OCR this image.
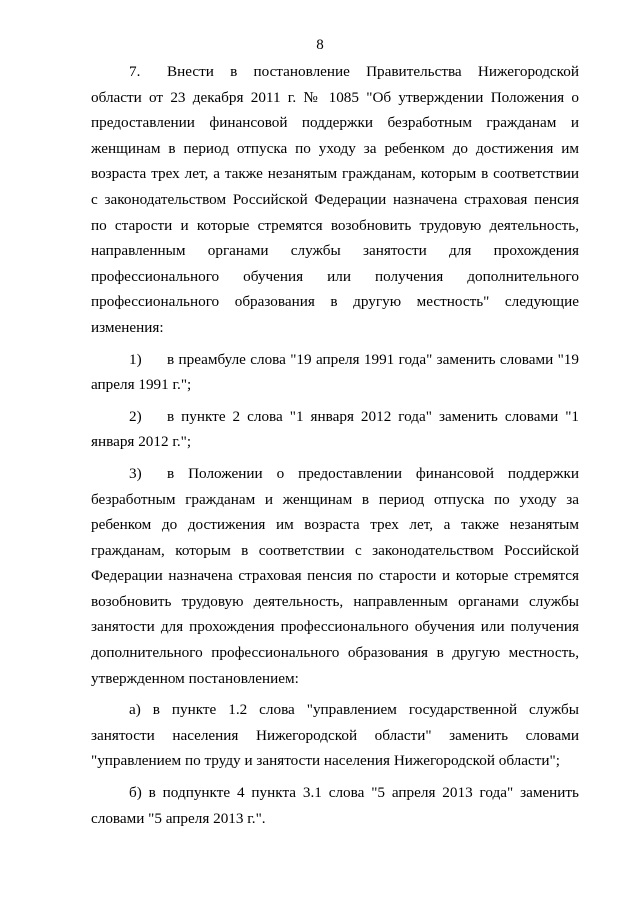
8

7. Внести в постановление Правительства Нижегородской области от 23 декабря 2011 г. № 1085 "Об утверждении Положения о предоставлении финансовой поддержки безработным гражданам и женщинам в период отпуска по уходу за ребенком до достижения им возраста трех лет, а также незанятым гражданам, которым в соответствии с законодательством Российской Федерации назначена страховая пенсия по старости и которые стремятся возобновить трудовую деятельность, направленным органами службы занятости для прохождения профессионального обучения или получения дополнительного профессионального образования в другую местность" следующие изменения:

1) в преамбуле слова "19 апреля 1991 года" заменить словами "19 апреля 1991 г.";

2) в пункте 2 слова "1 января 2012 года" заменить словами "1 января 2012 г.";

3) в Положении о предоставлении финансовой поддержки безработным гражданам и женщинам в период отпуска по уходу за ребенком до достижения им возраста трех лет, а также незанятым гражданам, которым в соответствии с законодательством Российской Федерации назначена страховая пенсия по старости и которые стремятся возобновить трудовую деятельность, направленным органами службы занятости для прохождения профессионального обучения или получения дополнительного профессионального образования в другую местность, утвержденном постановлением:

а) в пункте 1.2 слова "управлением государственной службы занятости населения Нижегородской области" заменить словами "управлением по труду и занятости населения Нижегородской области";

б) в подпункте 4 пункта 3.1 слова "5 апреля 2013 года" заменить словами "5 апреля 2013 г.".
